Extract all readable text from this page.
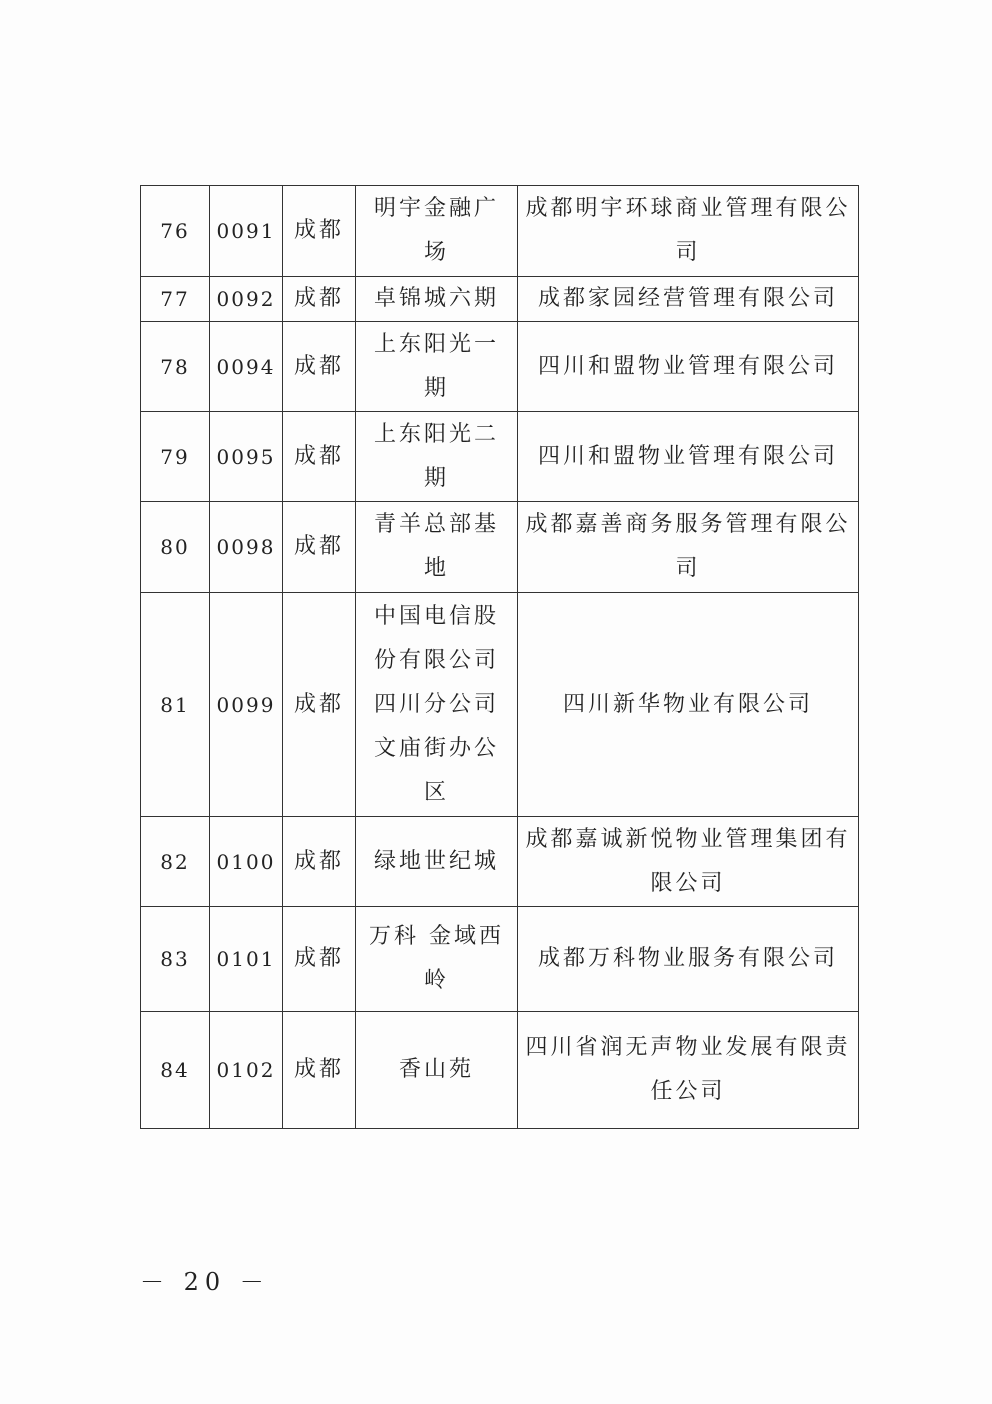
76	0091	成都	明宇金融广场	成都明宇环球商业管理有限公司
77	0092	成都	卓锦城六期	成都家园经营管理有限公司
78	0094	成都	上东阳光一期	四川和盟物业管理有限公司
79	0095	成都	上东阳光二期	四川和盟物业管理有限公司
80	0098	成都	青羊总部基地	成都嘉善商务服务管理有限公司
81	0099	成都	中国电信股份有限公司四川分公司文庙街办公区	四川新华物业有限公司
82	0100	成都	绿地世纪城	成都嘉诚新悦物业管理集团有限公司
83	0101	成都	万科 金域西岭	成都万科物业服务有限公司
84	0102	成都	香山苑	四川省润无声物业发展有限责任公司
－ 20 －
